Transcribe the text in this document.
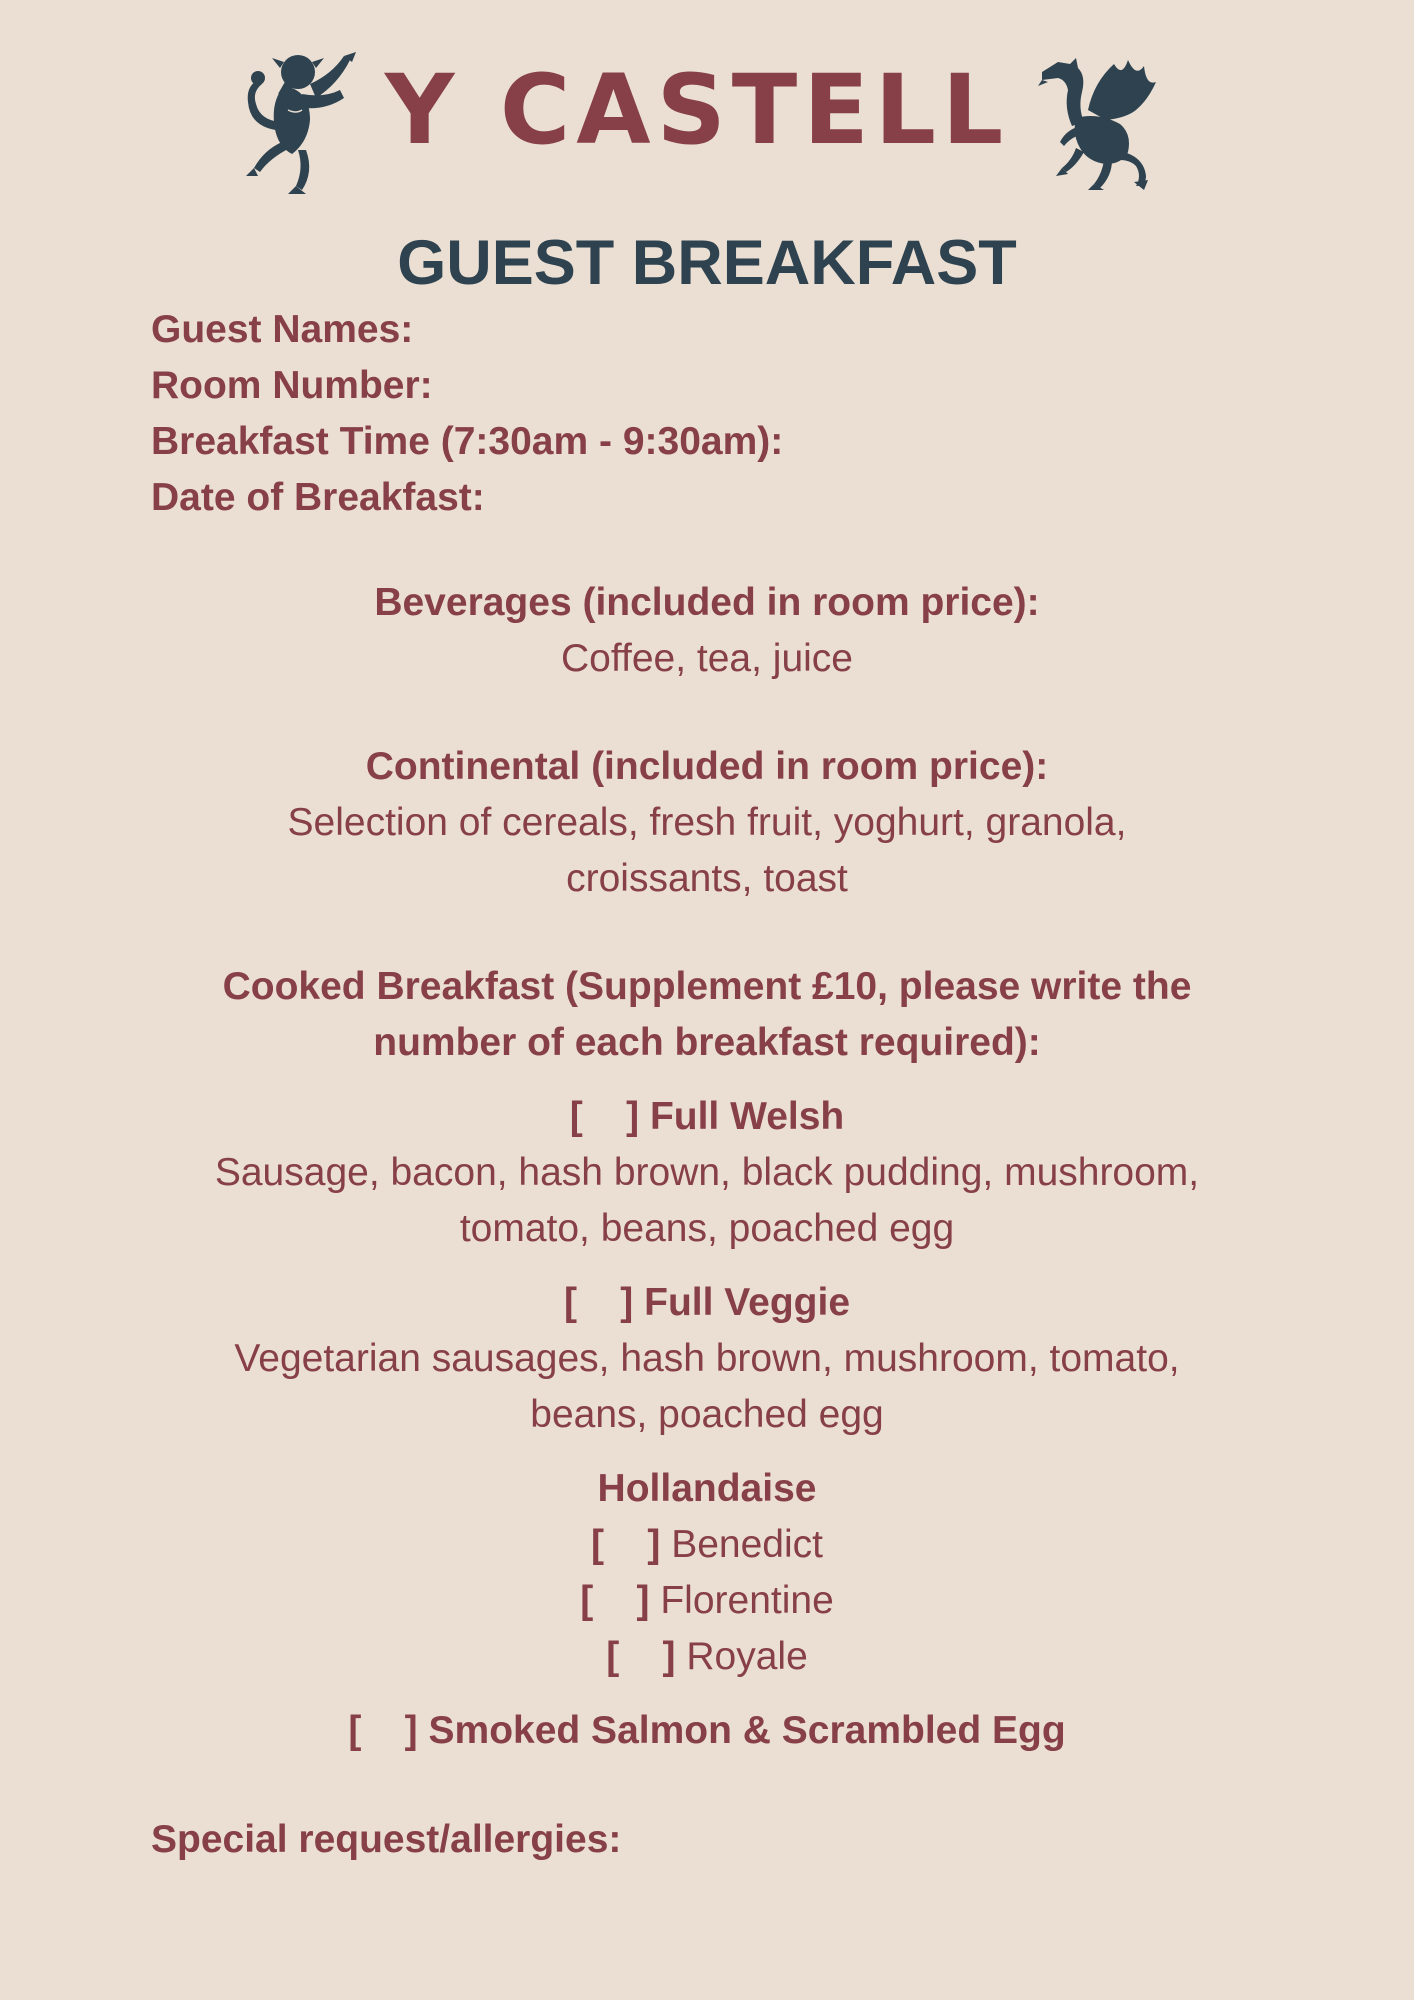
Y CASTELL
GUEST BREAKFAST
Guest Names:
Room Number:
Breakfast Time (7:30am - 9:30am):
Date of Breakfast:
Beverages (included in room price):
Coffee, tea, juice
Continental (included in room price):
Selection of cereals, fresh fruit, yoghurt, granola,
croissants, toast
Cooked Breakfast (Supplement £10, please write the
number of each breakfast required):
[    ] Full Welsh
Sausage, bacon, hash brown, black pudding, mushroom,
tomato, beans, poached egg
[    ] Full Veggie
Vegetarian sausages, hash brown, mushroom, tomato,
beans, poached egg
Hollandaise
[    ] Benedict
[    ] Florentine
[    ] Royale
[    ] Smoked Salmon & Scrambled Egg
Special request/allergies:
